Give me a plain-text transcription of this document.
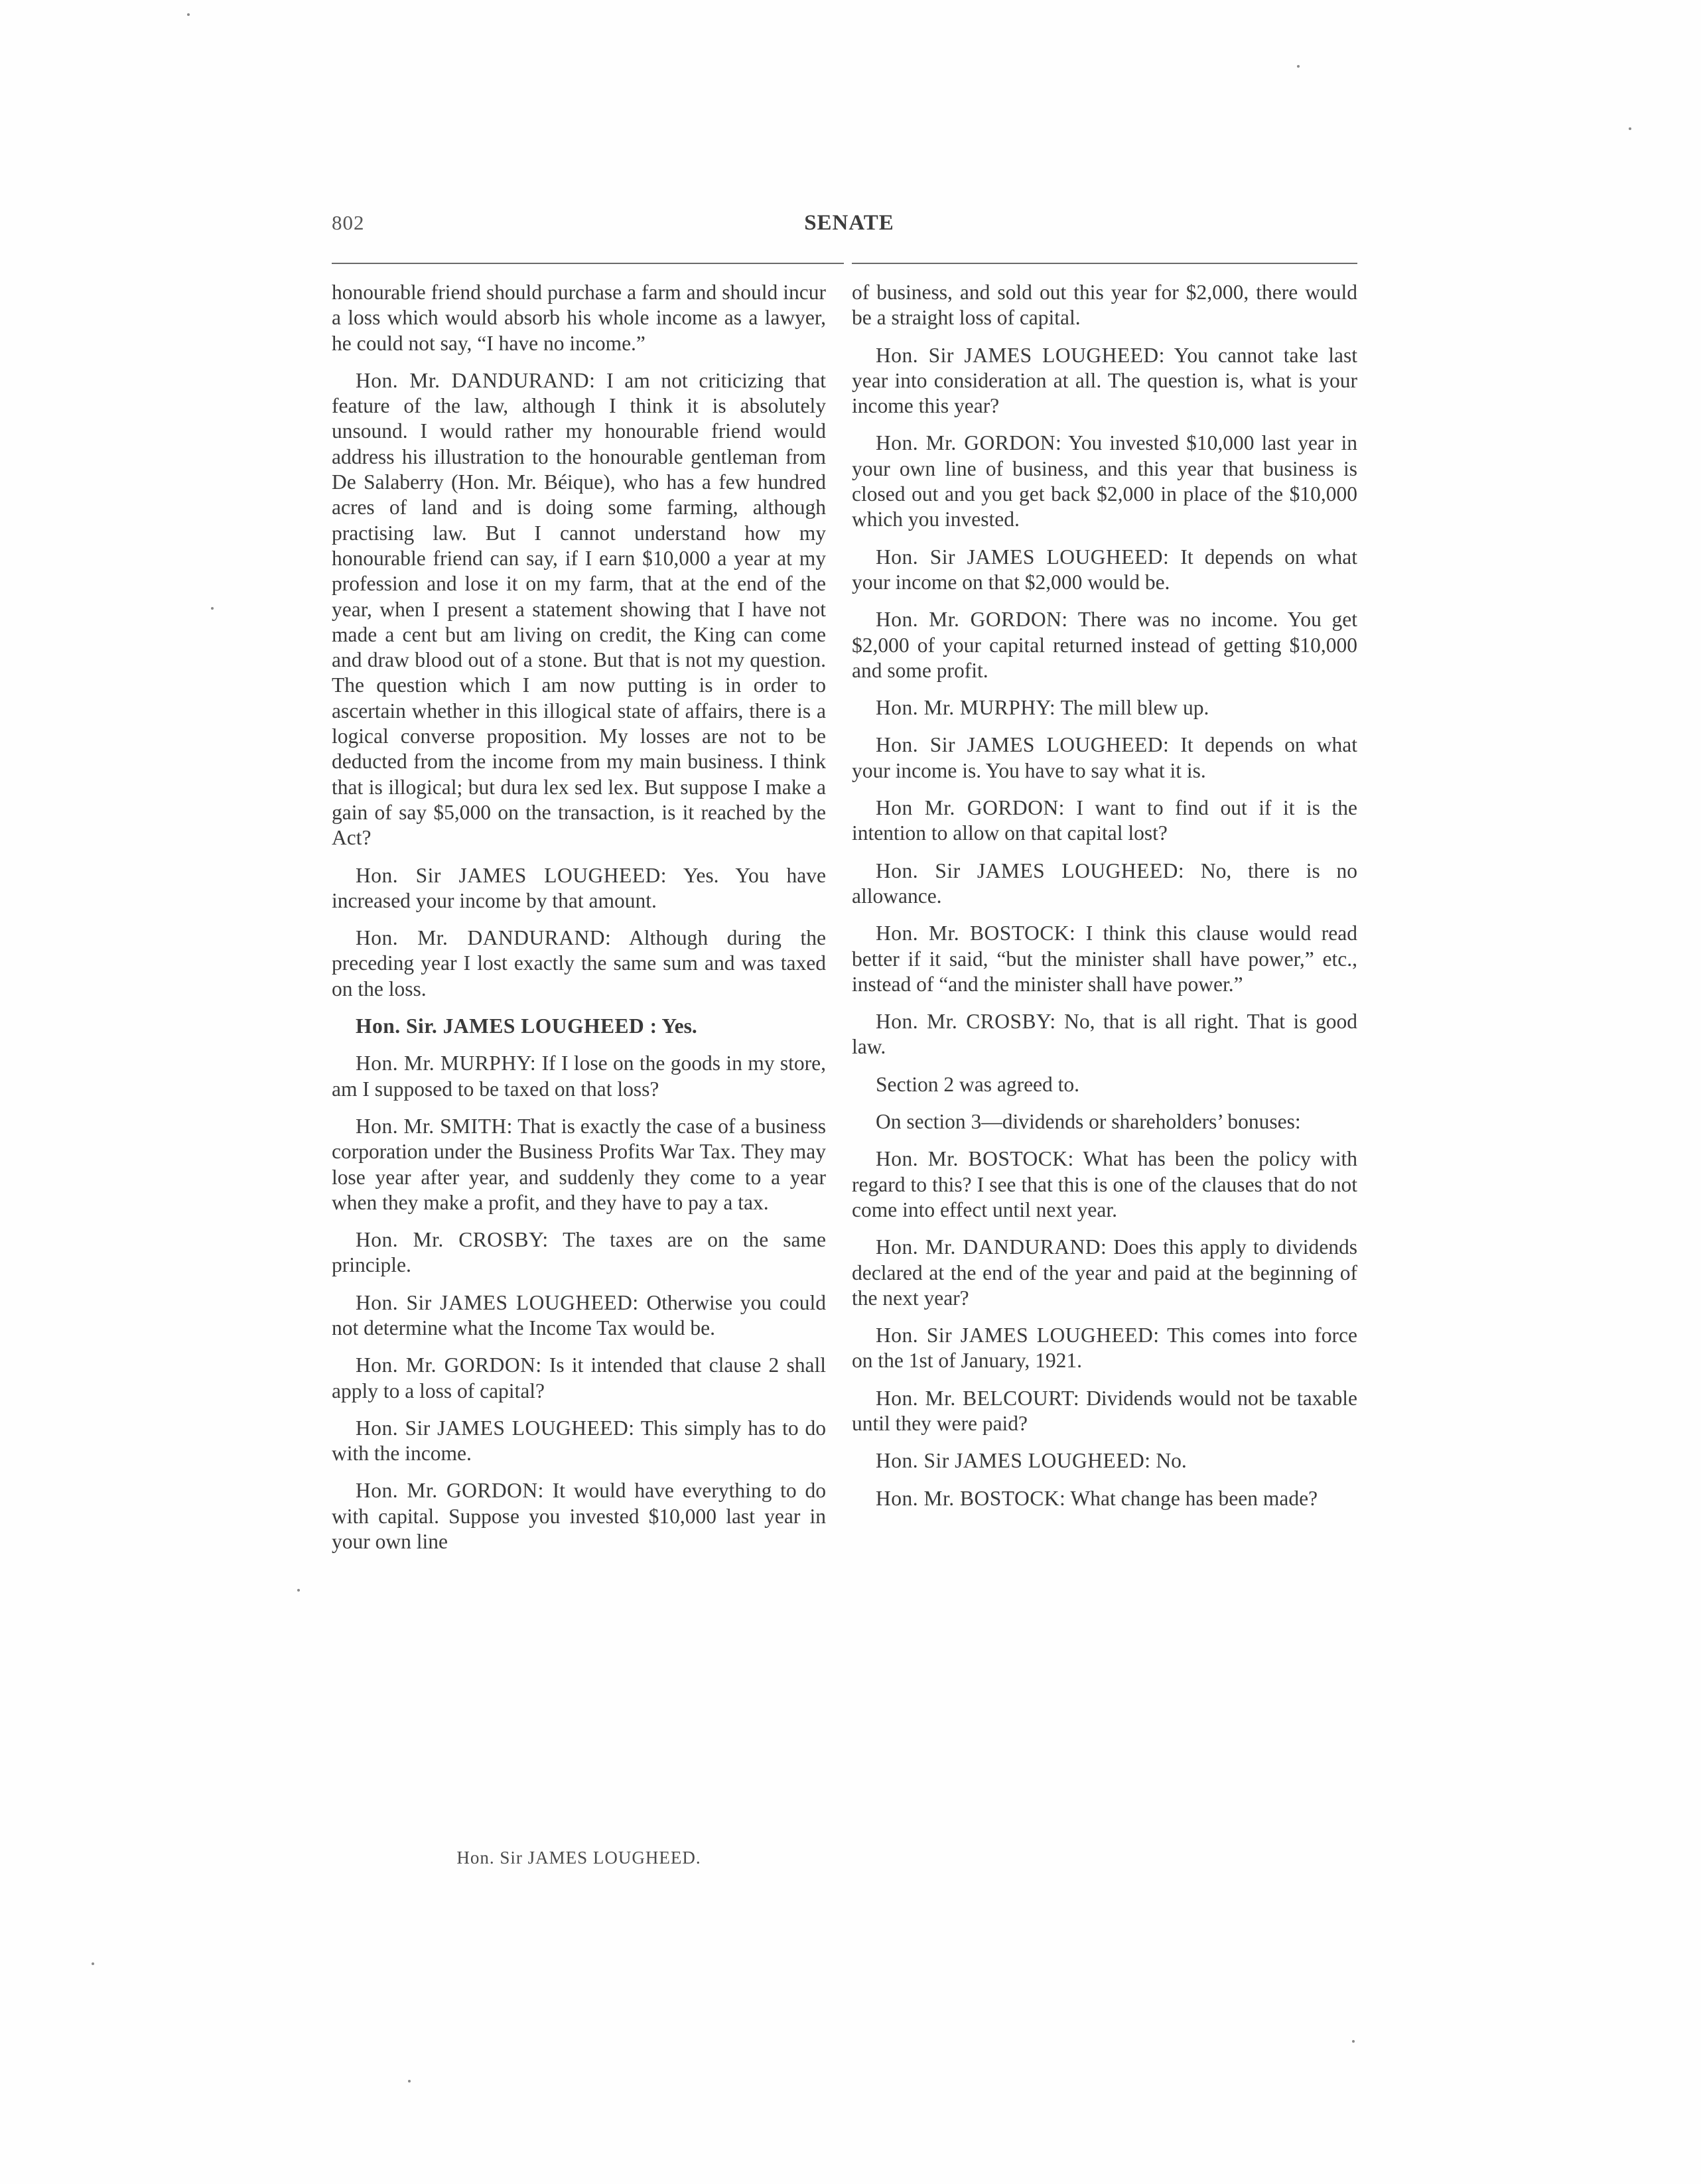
802	SENATE

honourable friend should purchase a farm and should incur a loss which would absorb his whole income as a lawyer, he could not say, “I have no income.”

Hon. Mr. DANDURAND: I am not criticizing that feature of the law, although I think it is absolutely unsound. I would rather my honourable friend would address his illustration to the honourable gentleman from De Salaberry (Hon. Mr. Béique), who has a few hundred acres of land and is doing some farming, although practising law. But I cannot understand how my honourable friend can say, if I earn $10,000 a year at my profession and lose it on my farm, that at the end of the year, when I present a statement showing that I have not made a cent but am living on credit, the King can come and draw blood out of a stone. But that is not my question. The question which I am now putting is in order to ascertain whether in this illogical state of affairs, there is a logical converse proposition. My losses are not to be deducted from the income from my main business. I think that is illogical; but dura lex sed lex. But suppose I make a gain of say $5,000 on the transaction, is it reached by the Act?

Hon. Sir JAMES LOUGHEED: Yes. You have increased your income by that amount.

Hon. Mr. DANDURAND: Although during the preceding year I lost exactly the same sum and was taxed on the loss.

Hon. Sir. JAMES LOUGHEED : Yes.

Hon. Mr. MURPHY: If I lose on the goods in my store, am I supposed to be taxed on that loss?

Hon. Mr. SMITH: That is exactly the case of a business corporation under the Business Profits War Tax. They may lose year after year, and suddenly they come to a year when they make a profit, and they have to pay a tax.

Hon. Mr. CROSBY: The taxes are on the same principle.

Hon. Sir JAMES LOUGHEED: Otherwise you could not determine what the Income Tax would be.

Hon. Mr. GORDON: Is it intended that clause 2 shall apply to a loss of capital?

Hon. Sir JAMES LOUGHEED: This simply has to do with the income.

Hon. Mr. GORDON: It would have everything to do with capital. Suppose you invested $10,000 last year in your own line

of business, and sold out this year for $2,000, there would be a straight loss of capital.

Hon. Sir JAMES LOUGHEED: You cannot take last year into consideration at all. The question is, what is your income this year?

Hon. Mr. GORDON: You invested $10,000 last year in your own line of business, and this year that business is closed out and you get back $2,000 in place of the $10,000 which you invested.

Hon. Sir JAMES LOUGHEED: It depends on what your income on that $2,000 would be.

Hon. Mr. GORDON: There was no income. You get $2,000 of your capital returned instead of getting $10,000 and some profit.

Hon. Mr. MURPHY: The mill blew up.

Hon. Sir JAMES LOUGHEED: It depends on what your income is. You have to say what it is.

Hon Mr. GORDON: I want to find out if it is the intention to allow on that capital lost?

Hon. Sir JAMES LOUGHEED: No, there is no allowance.

Hon. Mr. BOSTOCK: I think this clause would read better if it said, “but the minister shall have power,” etc., instead of “and the minister shall have power.”

Hon. Mr. CROSBY: No, that is all right. That is good law.

Section 2 was agreed to.

On section 3—dividends or shareholders’ bonuses:

Hon. Mr. BOSTOCK: What has been the policy with regard to this? I see that this is one of the clauses that do not come into effect until next year.

Hon. Mr. DANDURAND: Does this apply to dividends declared at the end of the year and paid at the beginning of the next year?

Hon. Sir JAMES LOUGHEED: This comes into force on the 1st of January, 1921.

Hon. Mr. BELCOURT: Dividends would not be taxable until they were paid?

Hon. Sir JAMES LOUGHEED: No.

Hon. Mr. BOSTOCK: What change has been made?

Hon. Sir JAMES LOUGHEED.
